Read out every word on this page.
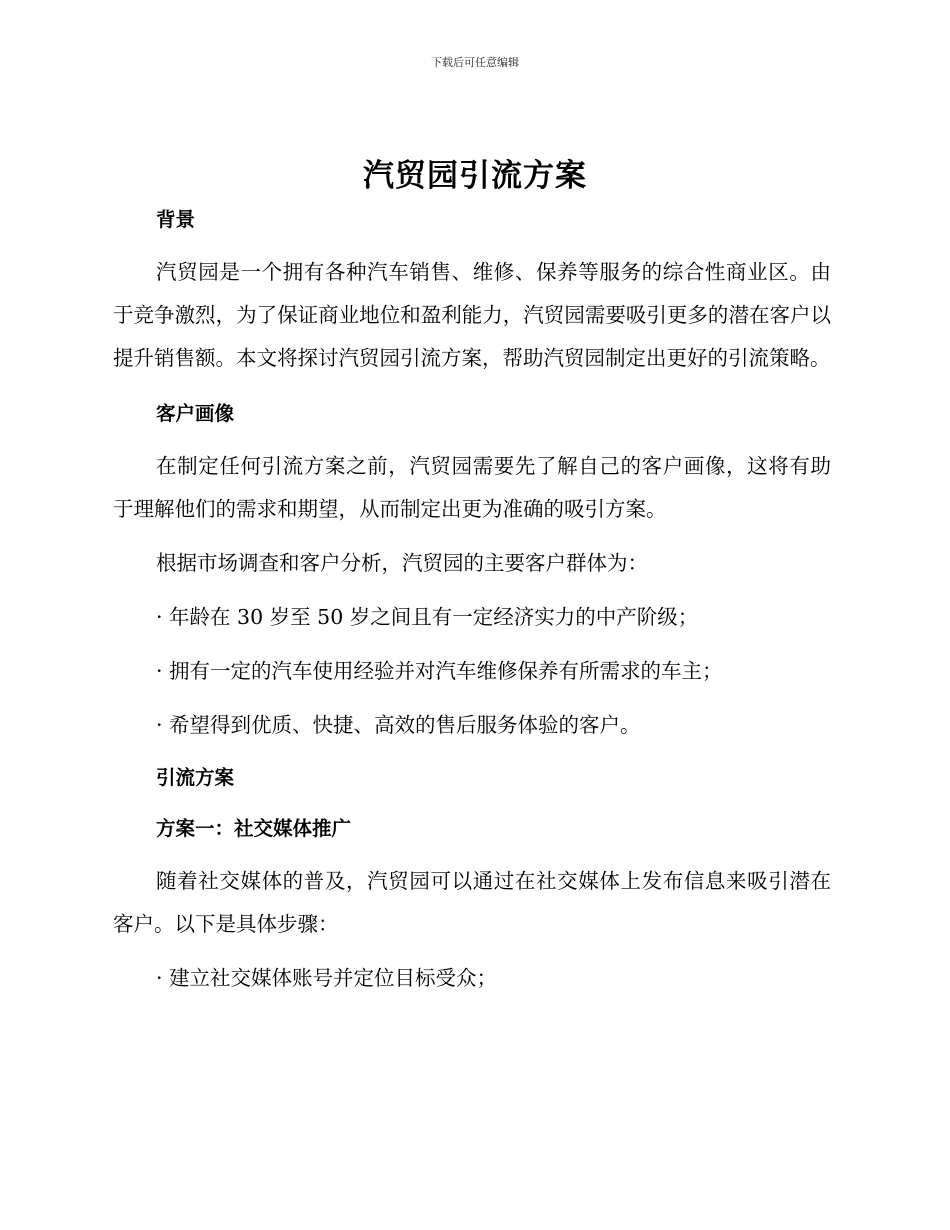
下载后可任意编辑
汽贸园引流方案

背景

汽贸园是一个拥有各种汽车销售、维修、保养等服务的综合性商业区。由于竞争激烈，为了保证商业地位和盈利能力，汽贸园需要吸引更多的潜在客户以提升销售额。本文将探讨汽贸园引流方案，帮助汽贸园制定出更好的引流策略。

客户画像

在制定任何引流方案之前，汽贸园需要先了解自己的客户画像，这将有助于理解他们的需求和期望，从而制定出更为准确的吸引方案。

根据市场调查和客户分析，汽贸园的主要客户群体为：

· 年龄在 30 岁至 50 岁之间且有一定经济实力的中产阶级；

· 拥有一定的汽车使用经验并对汽车维修保养有所需求的车主；

· 希望得到优质、快捷、高效的售后服务体验的客户。

引流方案

方案一：社交媒体推广

随着社交媒体的普及，汽贸园可以通过在社交媒体上发布信息来吸引潜在客户。以下是具体步骤：

· 建立社交媒体账号并定位目标受众；
